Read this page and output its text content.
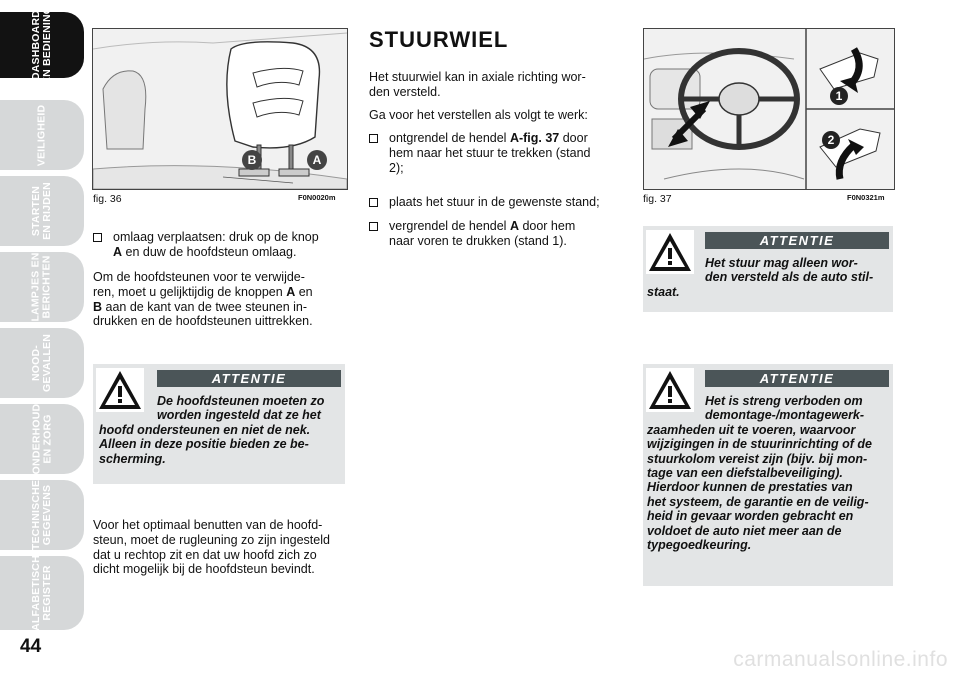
DASHBOARD
EN BEDIENING
VEILIGHEID
STARTEN
EN RIJDEN
LAMPJES EN
BERICHTEN
NOOD-
GEVALLEN
ONDERHOUD
EN ZORG
TECHNISCHE
GEGEVENS
ALFABETISCH
REGISTER
44
B	A
fig. 36	F0N0020m
omlaag verplaatsen: druk op de knop
A en duw de hoofdsteun omlaag.
Om de hoofdsteunen voor te verwijde-
ren, moet u gelijktijdig de knoppen A en
B aan de kant van de twee steunen in-
drukken en de hoofdsteunen uittrekken.
ATTENTIE
De hoofdsteunen moeten zo
worden ingesteld dat ze het
hoofd ondersteunen en niet de nek.
Alleen in deze positie bieden ze be-
scherming.
Voor het optimaal benutten van de hoofd-
steun, moet de rugleuning zo zijn ingesteld
dat u rechtop zit en dat uw hoofd zich zo
dicht mogelijk bij de hoofdsteun bevindt.
STUURWIEL
Het stuurwiel kan in axiale richting wor-
den versteld.
Ga voor het verstellen als volgt te werk:
ontgrendel de hendel A-fig. 37 door
hem naar het stuur te trekken (stand
2);
plaats het stuur in de gewenste stand;
vergrendel de hendel A door hem
naar voren te drukken (stand 1).
1
2
fig. 37	F0N0321m
ATTENTIE
Het stuur mag alleen wor-
den versteld als de auto stil-
staat.
ATTENTIE
Het is streng verboden om
demontage-/montagewerk-
zaamheden uit te voeren, waarvoor
wijzigingen in de stuurinrichting of de
stuurkolom vereist zijn (bijv. bij mon-
tage van een diefstalbeveiliging).
Hierdoor kunnen de prestaties van
het systeem, de garantie en de veilig-
heid in gevaar worden gebracht en
voldoet de auto niet meer aan de
typegoedkeuring.
carmanualsonline.info
